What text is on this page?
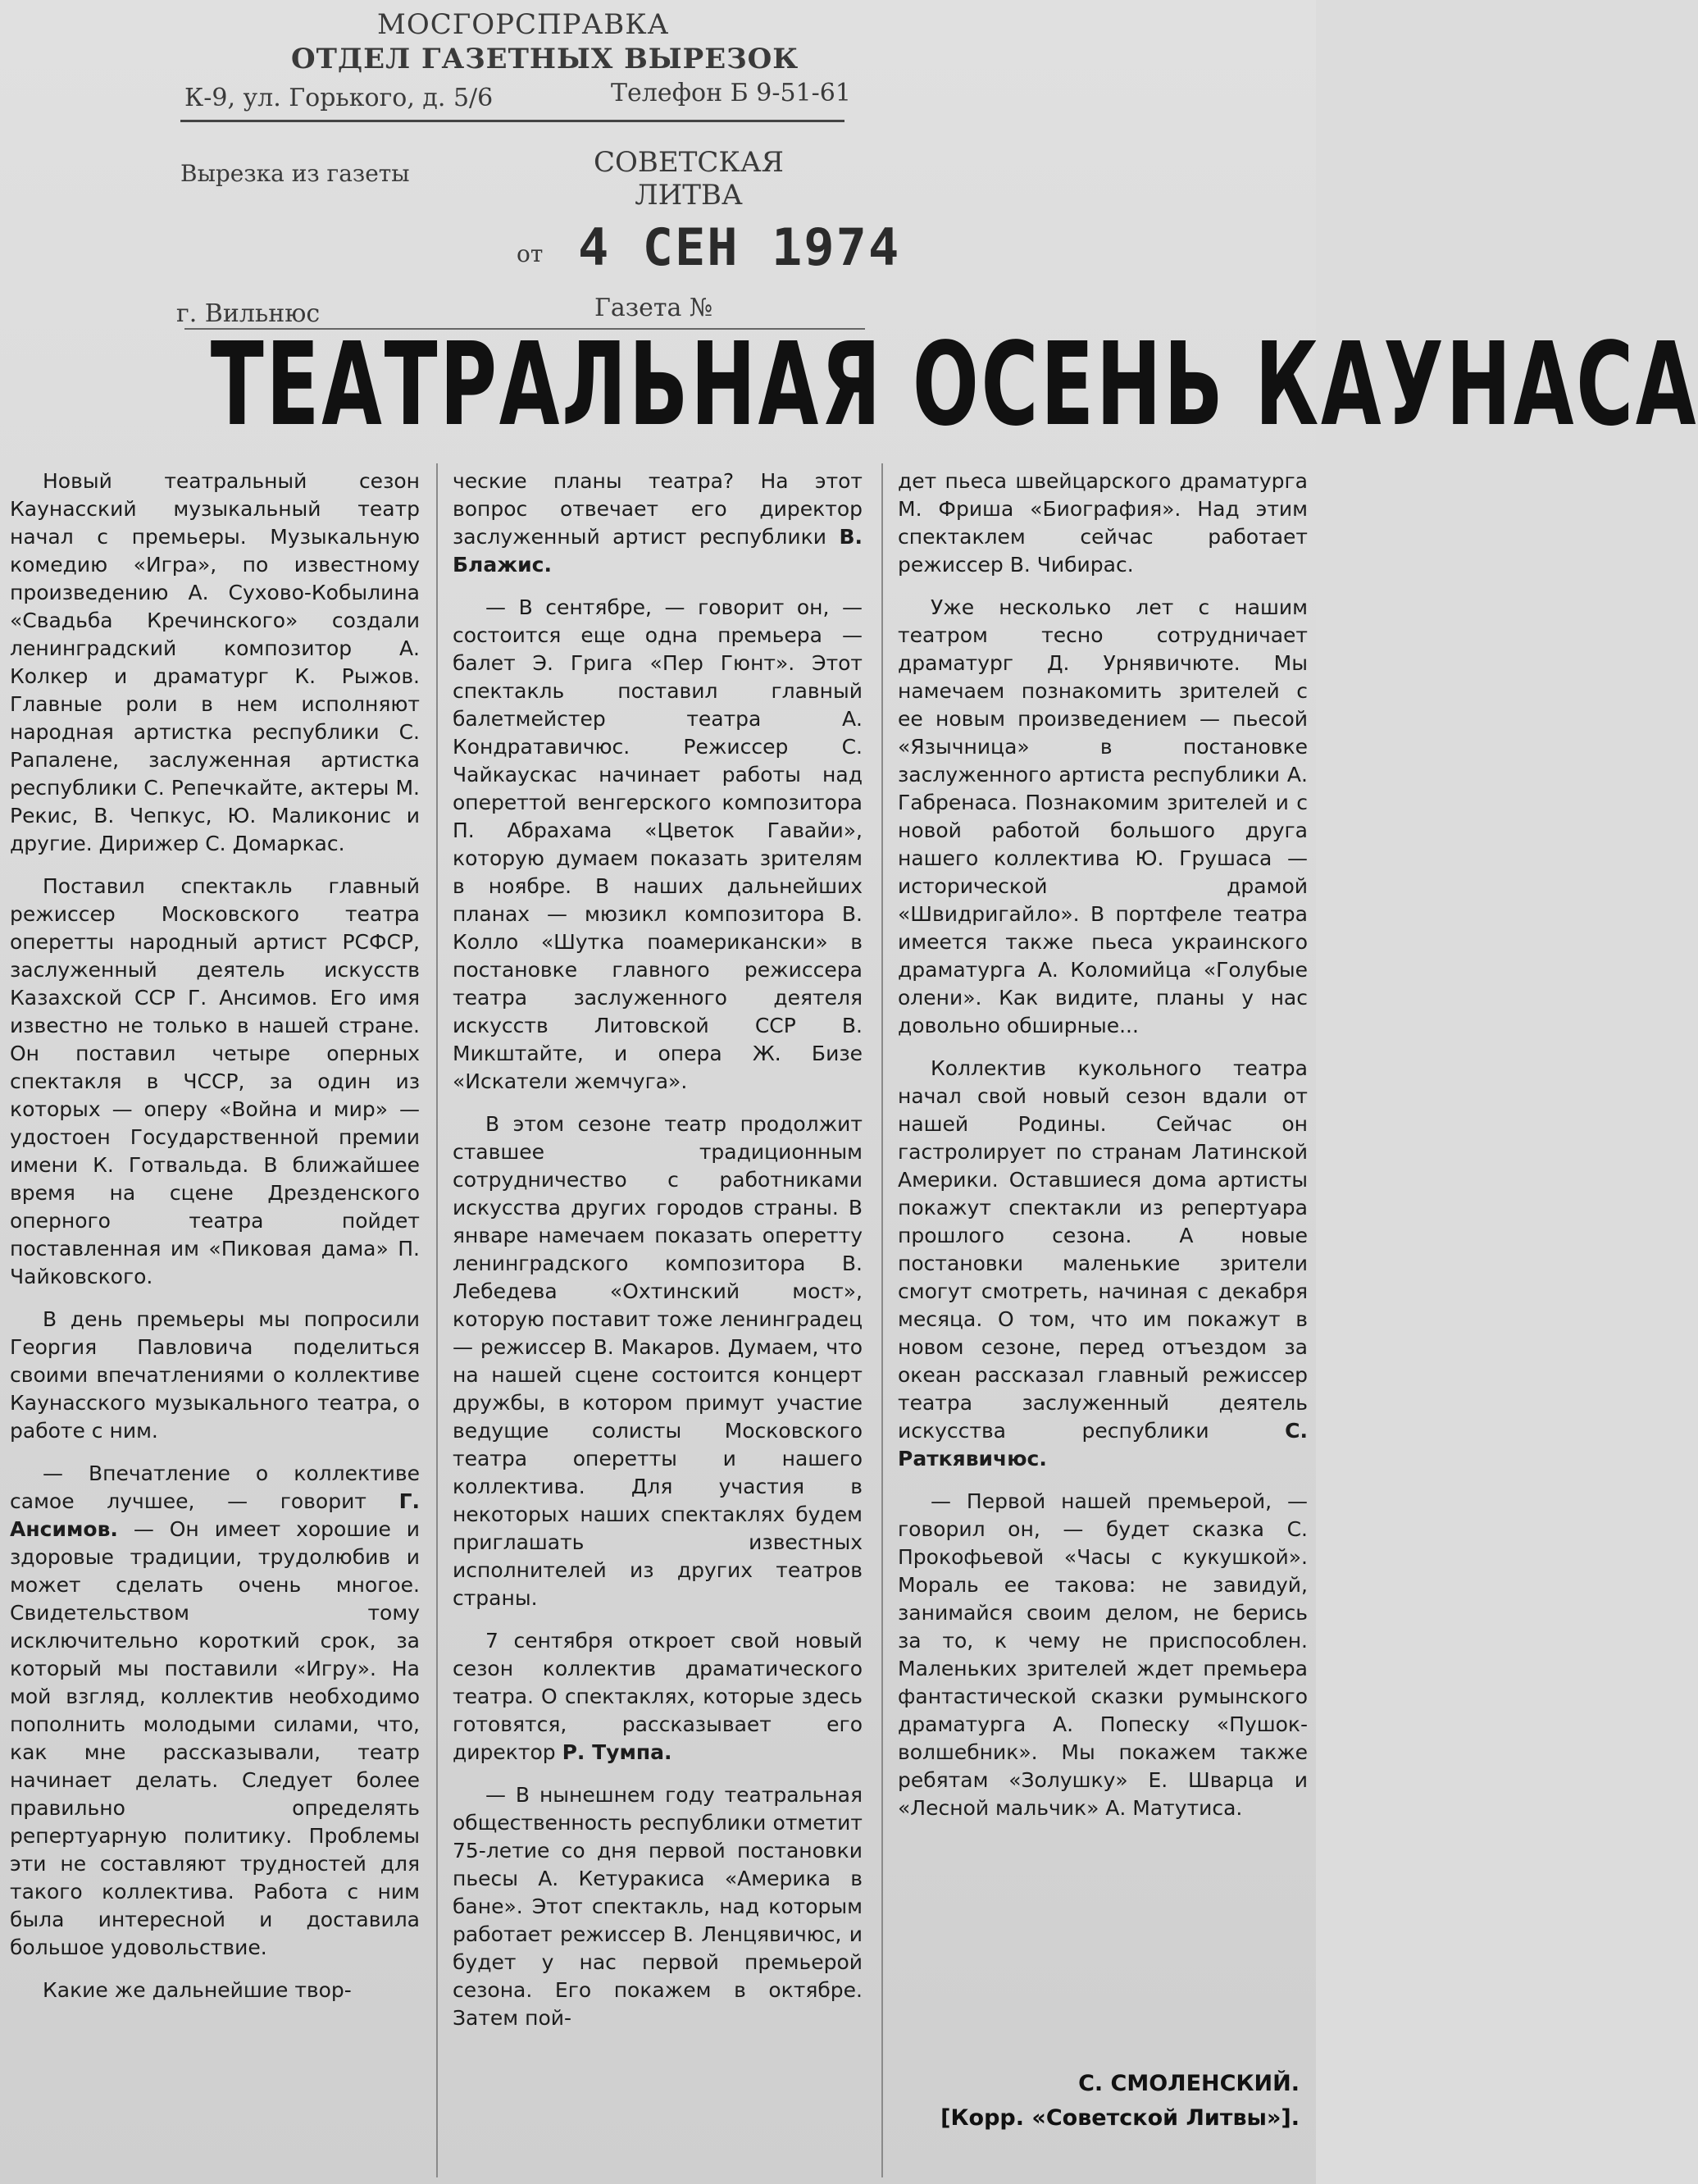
МОСГОРСПРАВКА
ОТДЕЛ ГАЗЕТНЫХ ВЫРЕЗОК
К-9, ул. Горького, д. 5/6	Телефон Б 9-51-61
Вырезка из газеты	СОВЕТСКАЯ ЛИТВА
от 4 СЕН 1974
г. Вильнюс	Газета №
ТЕАТРАЛЬНАЯ ОСЕНЬ КАУНАСА

Новый театральный сезон Каунасский музыкальный театр начал с премьеры. Музыкальную комедию «Игра», по известному произведению А. Сухово-Кобылина «Свадьба Кречинского» создали ленинградский композитор А. Колкер и драматург К. Рыжов. Главные роли в нем исполняют народная артистка республики С. Рапалене, заслуженная артистка республики С. Репечкайте, актеры М. Рекис, В. Чепкус, Ю. Маликонис и другие. Дирижер С. Домаркас.

Поставил спектакль главный режиссер Московского театра оперетты народный артист РСФСР, заслуженный деятель искусств Казахской ССР Г. Ансимов. Его имя известно не только в нашей стране. Он поставил четыре оперных спектакля в ЧССР, за один из которых — оперу «Война и мир» — удостоен Государственной премии имени К. Готвальда. В ближайшее время на сцене Дрезденского оперного театра пойдет поставленная им «Пиковая дама» П. Чайковского.

В день премьеры мы попросили Георгия Павловича поделиться своими впечатлениями о коллективе Каунасского музыкального театра, о работе с ним.

— Впечатление о коллективе самое лучшее, — говорит Г. Ансимов. — Он имеет хорошие и здоровые традиции, трудолюбив и может сделать очень многое. Свидетельством тому исключительно короткий срок, за который мы поставили «Игру». На мой взгляд, коллектив необходимо пополнить молодыми силами, что, как мне рассказывали, театр начинает делать. Следует более правильно определять репертуарную политику. Проблемы эти не составляют трудностей для такого коллектива. Работа с ним была интересной и доставила большое удовольствие.

Какие же дальнейшие твор-

ческие планы театра? На этот вопрос отвечает его директор заслуженный артист республики В. Блажис.

— В сентябре, — говорит он, — состоится еще одна премьера — балет Э. Грига «Пер Гюнт». Этот спектакль поставил главный балетмейстер театра А. Кондратавичюс. Режиссер С. Чайкаускас начинает работы над опереттой венгерского композитора П. Абрахама «Цветок Гавайи», которую думаем показать зрителям в ноябре. В наших дальнейших планах — мюзикл композитора В. Колло «Шутка поамерикански» в постановке главного режиссера театра заслуженного деятеля искусств Литовской ССР В. Микштайте, и опера Ж. Бизе «Искатели жемчуга».

В этом сезоне театр продолжит ставшее традиционным сотрудничество с работниками искусства других городов страны. В январе намечаем показать оперетту ленинградского композитора В. Лебедева «Охтинский мост», которую поставит тоже ленинградец — режиссер В. Макаров. Думаем, что на нашей сцене состоится концерт дружбы, в котором примут участие ведущие солисты Московского театра оперетты и нашего коллектива. Для участия в некоторых наших спектаклях будем приглашать известных исполнителей из других театров страны.

7 сентября откроет свой новый сезон коллектив драматического театра. О спектаклях, которые здесь готовятся, рассказывает его директор Р. Тумпа.

— В нынешнем году театральная общественность республики отметит 75-летие со дня первой постановки пьесы А. Кетуракиса «Америка в бане». Этот спектакль, над которым работает режиссер В. Ленцявичюс, и будет у нас первой премьерой сезона. Его покажем в октябре. Затем пой-

дет пьеса швейцарского драматурга М. Фриша «Биография». Над этим спектаклем сейчас работает режиссер В. Чибирас.

Уже несколько лет с нашим театром тесно сотрудничает драматург Д. Урнявичюте. Мы намечаем познакомить зрителей с ее новым произведением — пьесой «Язычница» в постановке заслуженного артиста республики А. Габренаса. Познакомим зрителей и с новой работой большого друга нашего коллектива Ю. Грушаса — исторической драмой «Швидригайло». В портфеле театра имеется также пьеса украинского драматурга А. Коломийца «Голубые олени». Как видите, планы у нас довольно обширные...

Коллектив кукольного театра начал свой новый сезон вдали от нашей Родины. Сейчас он гастролирует по странам Латинской Америки. Оставшиеся дома артисты покажут спектакли из репертуара прошлого сезона. А новые постановки маленькие зрители смогут смотреть, начиная с декабря месяца. О том, что им покажут в новом сезоне, перед отъездом за океан рассказал главный режиссер театра заслуженный деятель искусства республики	С. Раткявичюс.

— Первой нашей премьерой, — говорил он, — будет сказка С. Прокофьевой «Часы с кукушкой». Мораль ее такова: не завидуй, занимайся своим делом, не берись за то, к чему не приспособлен. Маленьких зрителей ждет премьера фантастической сказки румынского драматурга А. Попеску «Пушок-волшебник». Мы покажем также ребятам «Золушку» Е. Шварца и «Лесной мальчик» А. Матутиса.

С. СМОЛЕНСКИЙ.
[Корр. «Советской Литвы»].
